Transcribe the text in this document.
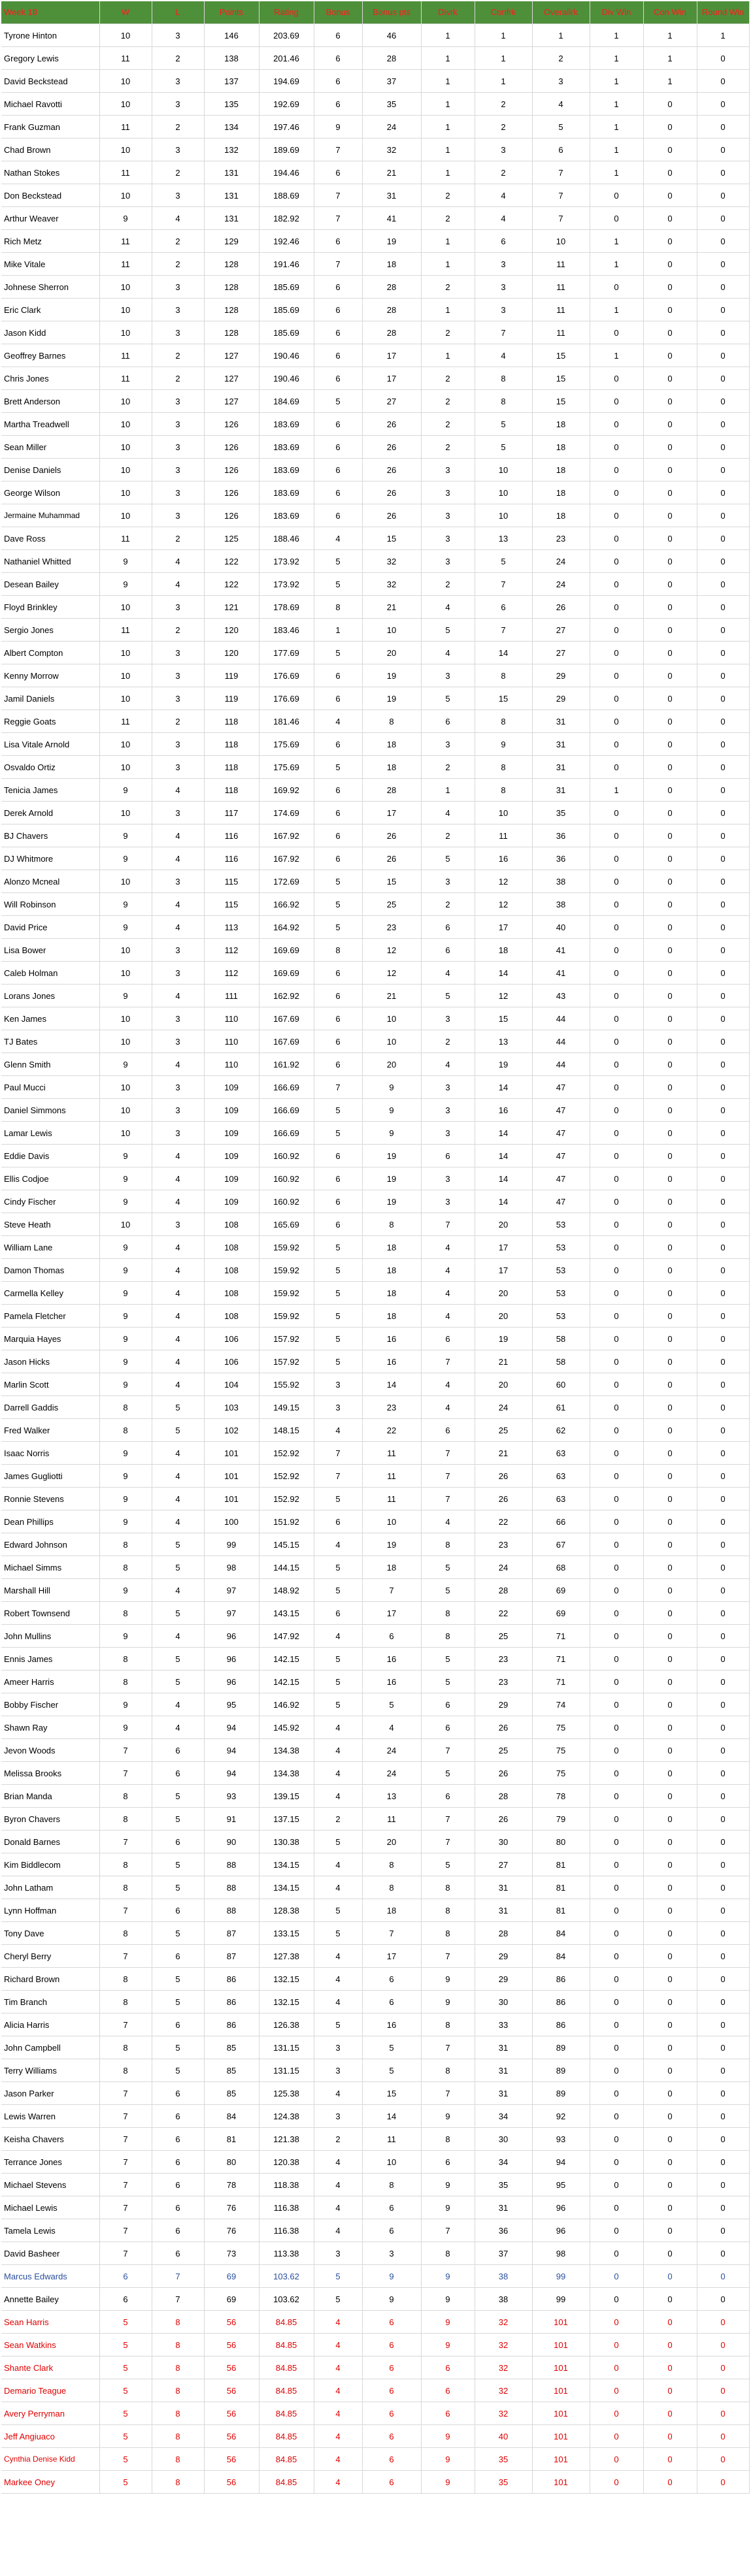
Week 18	W	L	Points	Rating	Bonus	Bonus pts	Divrk	Confrk	Overallrk	Div Win	Con Win	Round Win
Tyrone Hinton	10	3	146	203.69	6	46	1	1	1	1	1	1
Gregory Lewis	11	2	138	201.46	6	28	1	1	2	1	1	0
David Beckstead	10	3	137	194.69	6	37	1	1	3	1	1	0
Michael Ravotti	10	3	135	192.69	6	35	1	2	4	1	0	0
Frank Guzman	11	2	134	197.46	9	24	1	2	5	1	0	0
Chad Brown	10	3	132	189.69	7	32	1	3	6	1	0	0
Nathan Stokes	11	2	131	194.46	6	21	1	2	7	1	0	0
Don Beckstead	10	3	131	188.69	7	31	2	4	7	0	0	0
Arthur Weaver	9	4	131	182.92	7	41	2	4	7	0	0	0
Rich Metz	11	2	129	192.46	6	19	1	6	10	1	0	0
Mike Vitale	11	2	128	191.46	7	18	1	3	11	1	0	0
Johnese Sherron	10	3	128	185.69	6	28	2	3	11	0	0	0
Eric Clark	10	3	128	185.69	6	28	1	3	11	1	0	0
Jason Kidd	10	3	128	185.69	6	28	2	7	11	0	0	0
Geoffrey Barnes	11	2	127	190.46	6	17	1	4	15	1	0	0
Chris Jones	11	2	127	190.46	6	17	2	8	15	0	0	0
Brett Anderson	10	3	127	184.69	5	27	2	8	15	0	0	0
Martha Treadwell	10	3	126	183.69	6	26	2	5	18	0	0	0
Sean Miller	10	3	126	183.69	6	26	2	5	18	0	0	0
Denise Daniels	10	3	126	183.69	6	26	3	10	18	0	0	0
George Wilson	10	3	126	183.69	6	26	3	10	18	0	0	0
Jermaine Muhammad	10	3	126	183.69	6	26	3	10	18	0	0	0
Dave Ross	11	2	125	188.46	4	15	3	13	23	0	0	0
Nathaniel Whitted	9	4	122	173.92	5	32	3	5	24	0	0	0
Desean Bailey	9	4	122	173.92	5	32	2	7	24	0	0	0
Floyd Brinkley	10	3	121	178.69	8	21	4	6	26	0	0	0
Sergio Jones	11	2	120	183.46	1	10	5	7	27	0	0	0
Albert Compton	10	3	120	177.69	5	20	4	14	27	0	0	0
Kenny Morrow	10	3	119	176.69	6	19	3	8	29	0	0	0
Jamil Daniels	10	3	119	176.69	6	19	5	15	29	0	0	0
Reggie Goats	11	2	118	181.46	4	8	6	8	31	0	0	0
Lisa Vitale Arnold	10	3	118	175.69	6	18	3	9	31	0	0	0
Osvaldo Ortiz	10	3	118	175.69	5	18	2	8	31	0	0	0
Tenicia James	9	4	118	169.92	6	28	1	8	31	1	0	0
Derek Arnold	10	3	117	174.69	6	17	4	10	35	0	0	0
BJ Chavers	9	4	116	167.92	6	26	2	11	36	0	0	0
DJ Whitmore	9	4	116	167.92	6	26	5	16	36	0	0	0
Alonzo Mcneal	10	3	115	172.69	5	15	3	12	38	0	0	0
Will Robinson	9	4	115	166.92	5	25	2	12	38	0	0	0
David Price	9	4	113	164.92	5	23	6	17	40	0	0	0
Lisa Bower	10	3	112	169.69	8	12	6	18	41	0	0	0
Caleb Holman	10	3	112	169.69	6	12	4	14	41	0	0	0
Lorans Jones	9	4	111	162.92	6	21	5	12	43	0	0	0
Ken James	10	3	110	167.69	6	10	3	15	44	0	0	0
TJ Bates	10	3	110	167.69	6	10	2	13	44	0	0	0
Glenn Smith	9	4	110	161.92	6	20	4	19	44	0	0	0
Paul Mucci	10	3	109	166.69	7	9	3	14	47	0	0	0
Daniel Simmons	10	3	109	166.69	5	9	3	16	47	0	0	0
Lamar Lewis	10	3	109	166.69	5	9	3	14	47	0	0	0
Eddie Davis	9	4	109	160.92	6	19	6	14	47	0	0	0
Ellis Codjoe	9	4	109	160.92	6	19	3	14	47	0	0	0
Cindy Fischer	9	4	109	160.92	6	19	3	14	47	0	0	0
Steve Heath	10	3	108	165.69	6	8	7	20	53	0	0	0
William Lane	9	4	108	159.92	5	18	4	17	53	0	0	0
Damon Thomas	9	4	108	159.92	5	18	4	17	53	0	0	0
Carmella Kelley	9	4	108	159.92	5	18	4	20	53	0	0	0
Pamela Fletcher	9	4	108	159.92	5	18	4	20	53	0	0	0
Marquia Hayes	9	4	106	157.92	5	16	6	19	58	0	0	0
Jason Hicks	9	4	106	157.92	5	16	7	21	58	0	0	0
Marlin Scott	9	4	104	155.92	3	14	4	20	60	0	0	0
Darrell Gaddis	8	5	103	149.15	3	23	4	24	61	0	0	0
Fred Walker	8	5	102	148.15	4	22	6	25	62	0	0	0
Isaac Norris	9	4	101	152.92	7	11	7	21	63	0	0	0
James Gugliotti	9	4	101	152.92	7	11	7	26	63	0	0	0
Ronnie Stevens	9	4	101	152.92	5	11	7	26	63	0	0	0
Dean Phillips	9	4	100	151.92	6	10	4	22	66	0	0	0
Edward Johnson	8	5	99	145.15	4	19	8	23	67	0	0	0
Michael Simms	8	5	98	144.15	5	18	5	24	68	0	0	0
Marshall Hill	9	4	97	148.92	5	7	5	28	69	0	0	0
Robert Townsend	8	5	97	143.15	6	17	8	22	69	0	0	0
John Mullins	9	4	96	147.92	4	6	8	25	71	0	0	0
Ennis James	8	5	96	142.15	5	16	5	23	71	0	0	0
Ameer Harris	8	5	96	142.15	5	16	5	23	71	0	0	0
Bobby Fischer	9	4	95	146.92	5	5	6	29	74	0	0	0
Shawn Ray	9	4	94	145.92	4	4	6	26	75	0	0	0
Jevon Woods	7	6	94	134.38	4	24	7	25	75	0	0	0
Melissa Brooks	7	6	94	134.38	4	24	5	26	75	0	0	0
Brian Manda	8	5	93	139.15	4	13	6	28	78	0	0	0
Byron Chavers	8	5	91	137.15	2	11	7	26	79	0	0	0
Donald Barnes	7	6	90	130.38	5	20	7	30	80	0	0	0
Kim Biddlecom	8	5	88	134.15	4	8	5	27	81	0	0	0
John Latham	8	5	88	134.15	4	8	8	31	81	0	0	0
Lynn Hoffman	7	6	88	128.38	5	18	8	31	81	0	0	0
Tony Dave	8	5	87	133.15	5	7	8	28	84	0	0	0
Cheryl Berry	7	6	87	127.38	4	17	7	29	84	0	0	0
Richard Brown	8	5	86	132.15	4	6	9	29	86	0	0	0
Tim Branch	8	5	86	132.15	4	6	9	30	86	0	0	0
Alicia Harris	7	6	86	126.38	5	16	8	33	86	0	0	0
John Campbell	8	5	85	131.15	3	5	7	31	89	0	0	0
Terry Williams	8	5	85	131.15	3	5	8	31	89	0	0	0
Jason Parker	7	6	85	125.38	4	15	7	31	89	0	0	0
Lewis Warren	7	6	84	124.38	3	14	9	34	92	0	0	0
Keisha Chavers	7	6	81	121.38	2	11	8	30	93	0	0	0
Terrance Jones	7	6	80	120.38	4	10	6	34	94	0	0	0
Michael Stevens	7	6	78	118.38	4	8	9	35	95	0	0	0
Michael Lewis	7	6	76	116.38	4	6	9	31	96	0	0	0
Tamela Lewis	7	6	76	116.38	4	6	7	36	96	0	0	0
David Basheer	7	6	73	113.38	3	3	8	37	98	0	0	0
Marcus Edwards	6	7	69	103.62	5	9	9	38	99	0	0	0
Annette Bailey	6	7	69	103.62	5	9	9	38	99	0	0	0
Sean Harris	5	8	56	84.85	4	6	9	32	101	0	0	0
Sean Watkins	5	8	56	84.85	4	6	9	32	101	0	0	0
Shante Clark	5	8	56	84.85	4	6	6	32	101	0	0	0
Demario Teague	5	8	56	84.85	4	6	6	32	101	0	0	0
Avery Perryman	5	8	56	84.85	4	6	6	32	101	0	0	0
Jeff Angiuaco	5	8	56	84.85	4	6	9	40	101	0	0	0
Cynthia Denise Kidd	5	8	56	84.85	4	6	9	35	101	0	0	0
Markee Oney	5	8	56	84.85	4	6	9	35	101	0	0	0
